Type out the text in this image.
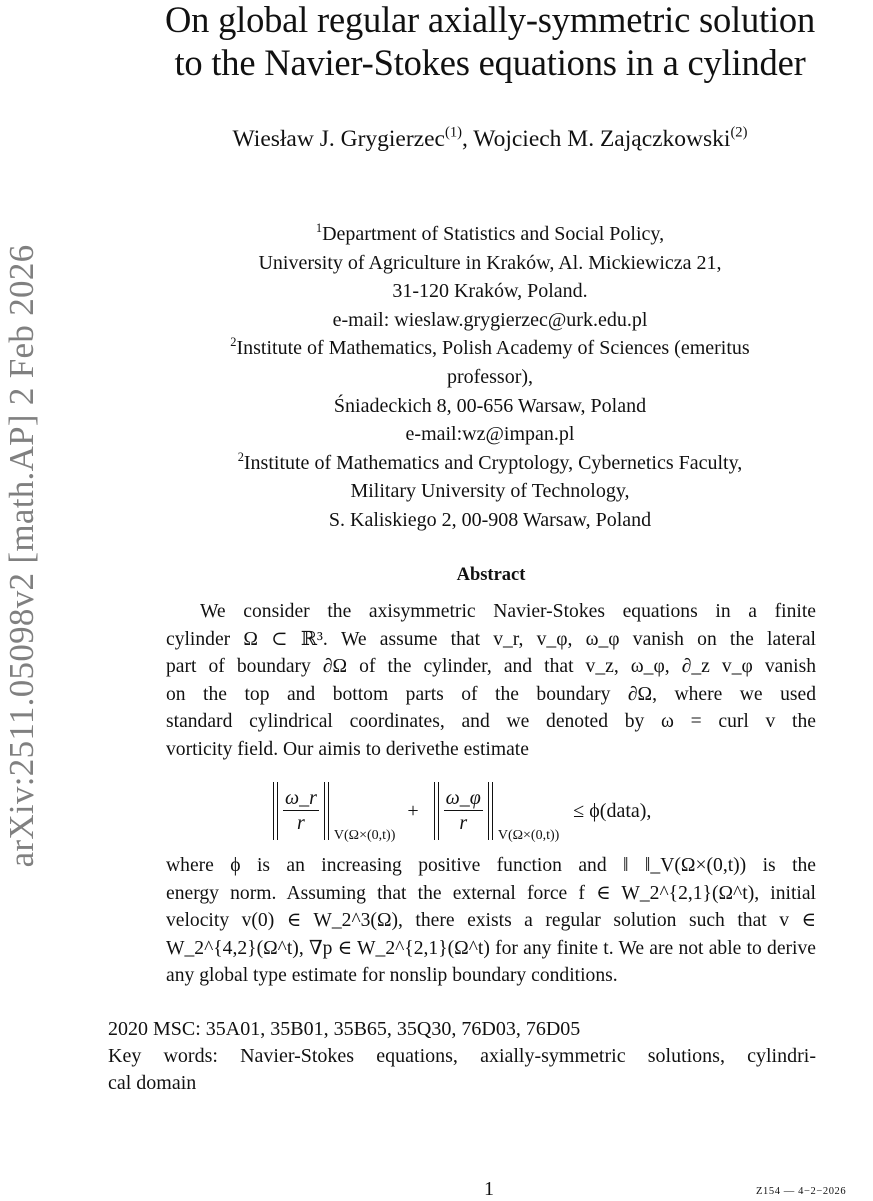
arXiv:2511.05098v2 [math.AP] 2 Feb 2026
On global regular axially-symmetric solution
to the Navier-Stokes equations in a cylinder
Wiesław J. Grygierzec$^{(1)}$, Wojciech M. Zajączkowski$^{(2)}$
$^1$Department of Statistics and Social Policy,
University of Agriculture in Kraków, Al. Mickiewicza 21,
31-120 Kraków, Poland.
e-mail: wieslaw.grygierzec@urk.edu.pl
$^2$Institute of Mathematics, Polish Academy of Sciences (emeritus
professor),
Śniadeckich 8, 00-656 Warsaw, Poland
e-mail:wz@impan.pl
$^2$Institute of Mathematics and Cryptology, Cybernetics Faculty,
Military University of Technology,
S. Kaliskiego 2, 00-908 Warsaw, Poland
Abstract
We consider the axisymmetric Navier-Stokes equations in a finite
cylinder Ω ⊂ ℝ³. We assume that v_r, v_φ, ω_φ vanish on the lateral
part of boundary ∂Ω of the cylinder, and that v_z, ω_φ, ∂_z v_φ vanish
on the top and bottom parts of the boundary ∂Ω, where we used
standard cylindrical coordinates, and we denoted by ω = curl v the
vorticity field. Our aimis to derivethe estimate
$\frac{\omega\_r}{r}$
V(Ω×(0,t))
+ $\frac{\omega\_\varphi}{r}$
V(Ω×(0,t))
≤ ϕ(data),
where ϕ is an increasing positive function and ‖ ‖_V(Ω×(0,t)) is the
energy norm. Assuming that the external force f ∈ W_2^{2,1}(Ω^t), initial
velocity v(0) ∈ W_2^3(Ω), there exists a regular solution such that v ∈
W_2^{4,2}(Ω^t), ∇p ∈ W_2^{2,1}(Ω^t) for any finite t. We are not able to derive
any global type estimate for nonslip boundary conditions.
2020 MSC: 35A01, 35B01, 35B65, 35Q30, 76D03, 76D05
Key words: Navier-Stokes equations, axially-symmetric solutions, cylindri-
cal domain
1	Z154 — 4−2−2026
